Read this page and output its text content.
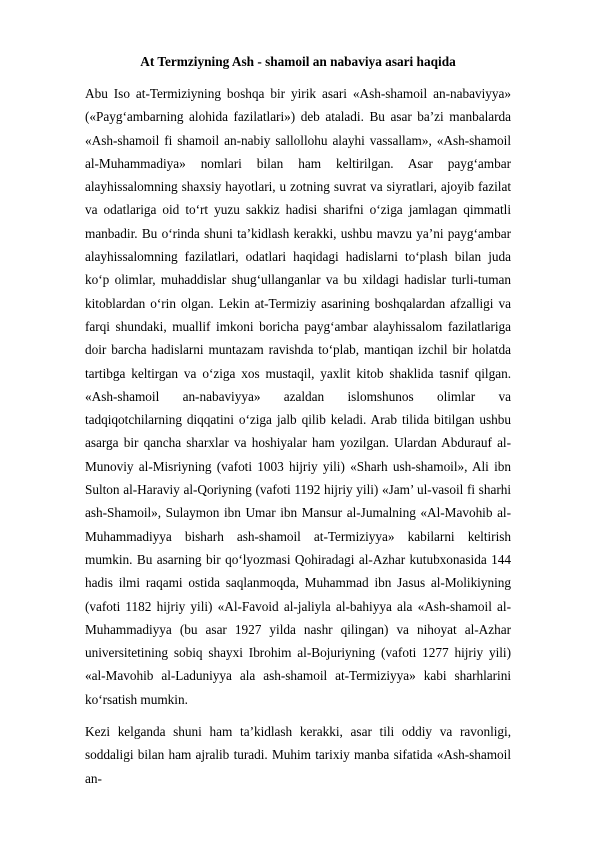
At Termziyning Ash - shamoil an nabaviya asari haqida

Abu Iso at-Termiziyning boshqa bir yirik asari «Ash-shamoil an-nabaviyya» («Payg‘ambarning alohida fazilatlari») deb ataladi. Bu asar ba’zi manbalarda «Ash-shamoil fi shamoil an-nabiy sallollohu alayhi vassallam», «Ash-shamoil al-Muhammadiya» nomlari bilan ham keltirilgan. Asar payg‘ambar alayhissalomning shaxsiy hayotlari, u zotning suvrat va siyratlari, ajoyib fazilat va odatlariga oid to‘rt yuzu sakkiz hadisi sharifni o‘ziga jamlagan qimmatli manbadir. Bu o‘rinda shuni ta’kidlash kerakki, ushbu mavzu ya’ni payg‘ambar alayhissalomning fazilatlari, odatlari haqidagi hadislarni to‘plash bilan juda ko‘p olimlar, muhaddislar shug‘ullanganlar va bu xildagi hadislar turli-tuman kitoblardan o‘rin olgan. Lekin at-Termiziy asarining boshqalardan afzalligi va farqi shundaki, muallif imkoni boricha payg‘ambar alayhissalom fazilatlariga doir barcha hadislarni muntazam ravishda to‘plab, mantiqan izchil bir holatda tartibga keltirgan va o‘ziga xos mustaqil, yaxlit kitob shaklida tasnif qilgan. «Ash-shamoil an-nabaviyya» azaldan islomshunos olimlar va tadqiqotchilarning diqqatini o‘ziga jalb qilib keladi. Arab tilida bitilgan ushbu asarga bir qancha sharxlar va hoshiyalar ham yozilgan. Ulardan Abdurauf al-Munoviy al-Misriyning (vafoti 1003 hijriy yili) «Sharh ush-shamoil», Ali ibn Sulton al-Haraviy al-Qoriyning (vafoti 1192 hijriy yili) «Jam’ ul-vasoil fi sharhi ash-Shamoil», Sulaymon ibn Umar ibn Mansur al-Jumalning «Al-Mavohib al-Muhammadiyya bisharh ash-shamoil at-Termiziyya» kabilarni keltirish mumkin. Bu asarning bir qo‘lyozmasi Qohiradagi al-Azhar kutubxonasida 144 hadis ilmi raqami ostida saqlanmoqda, Muhammad ibn Jasus al-Molikiyning (vafoti 1182 hijriy yili) «Al-Favoid al-jaliyla al-bahiyya ala «Ash-shamoil al-Muhammadiyya (bu asar 1927 yilda nashr qilingan) va nihoyat al-Azhar universitetining sobiq shayxi Ibrohim al-Bojuriyning (vafoti 1277 hijriy yili) «al-Mavohib al-Laduniyya ala ash-shamoil at-Termiziyya» kabi sharhlarini ko‘rsatish mumkin.

Kezi kelganda shuni ham ta’kidlash kerakki, asar tili oddiy va ravonligi, soddaligi bilan ham ajralib turadi. Muhim tarixiy manba sifatida «Ash-shamoil an-
